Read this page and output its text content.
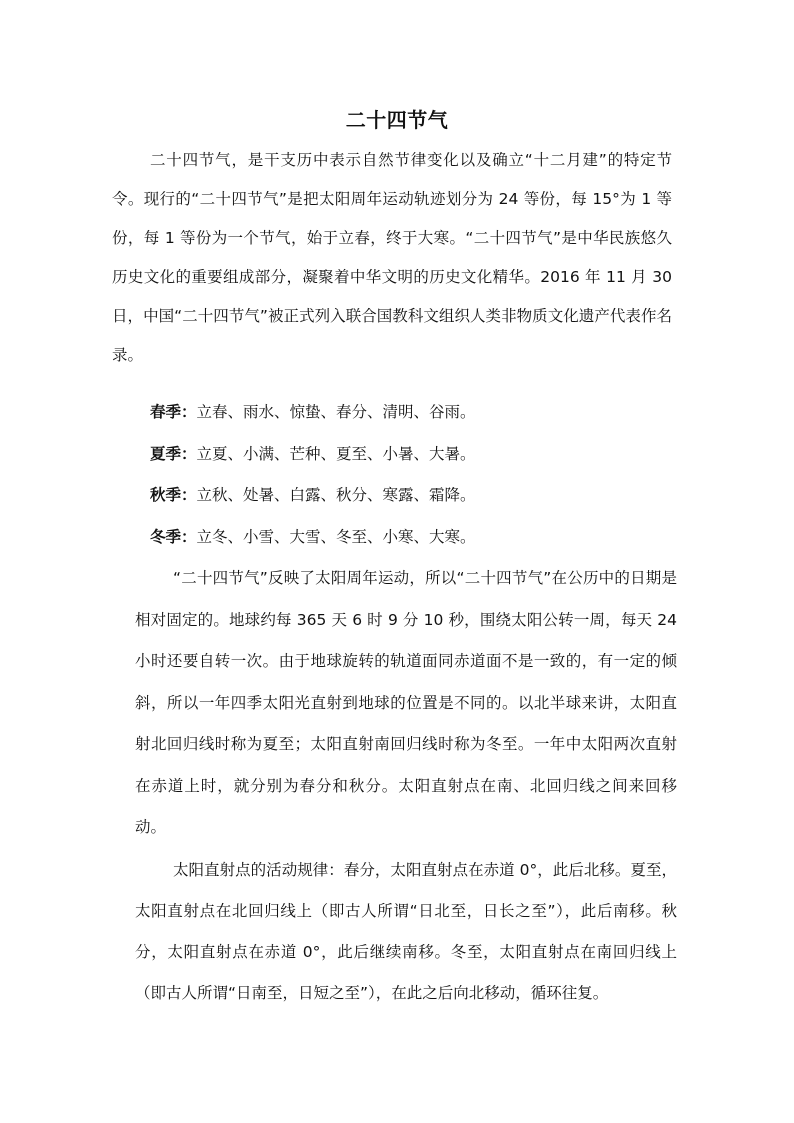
二十四节气

二十四节气，是干支历中表示自然节律变化以及确立“十二月建”的特定节令。现行的“二十四节气”是把太阳周年运动轨迹划分为 24 等份，每 15°为 1 等份，每 1 等份为一个节气，始于立春，终于大寒。“二十四节气”是中华民族悠久历史文化的重要组成部分，凝聚着中华文明的历史文化精华。2016 年 11 月 30 日，中国“二十四节气”被正式列入联合国教科文组织人类非物质文化遗产代表作名录。

春季：立春、雨水、惊蛰、春分、清明、谷雨。
夏季：立夏、小满、芒种、夏至、小暑、大暑。
秋季：立秋、处暑、白露、秋分、寒露、霜降。
冬季：立冬、小雪、大雪、冬至、小寒、大寒。

“二十四节气”反映了太阳周年运动，所以“二十四节气”在公历中的日期是相对固定的。地球约每 365 天 6 时 9 分 10 秒，围绕太阳公转一周，每天 24 小时还要自转一次。由于地球旋转的轨道面同赤道面不是一致的，有一定的倾斜，所以一年四季太阳光直射到地球的位置是不同的。以北半球来讲，太阳直射北回归线时称为夏至；太阳直射南回归线时称为冬至。一年中太阳两次直射在赤道上时，就分别为春分和秋分。太阳直射点在南、北回归线之间来回移动。

太阳直射点的活动规律：春分，太阳直射点在赤道 0°，此后北移。夏至，太阳直射点在北回归线上（即古人所谓“日北至，日长之至”），此后南移。秋分，太阳直射点在赤道 0°，此后继续南移。冬至，太阳直射点在南回归线上（即古人所谓“日南至，日短之至”），在此之后向北移动，循环往复。
